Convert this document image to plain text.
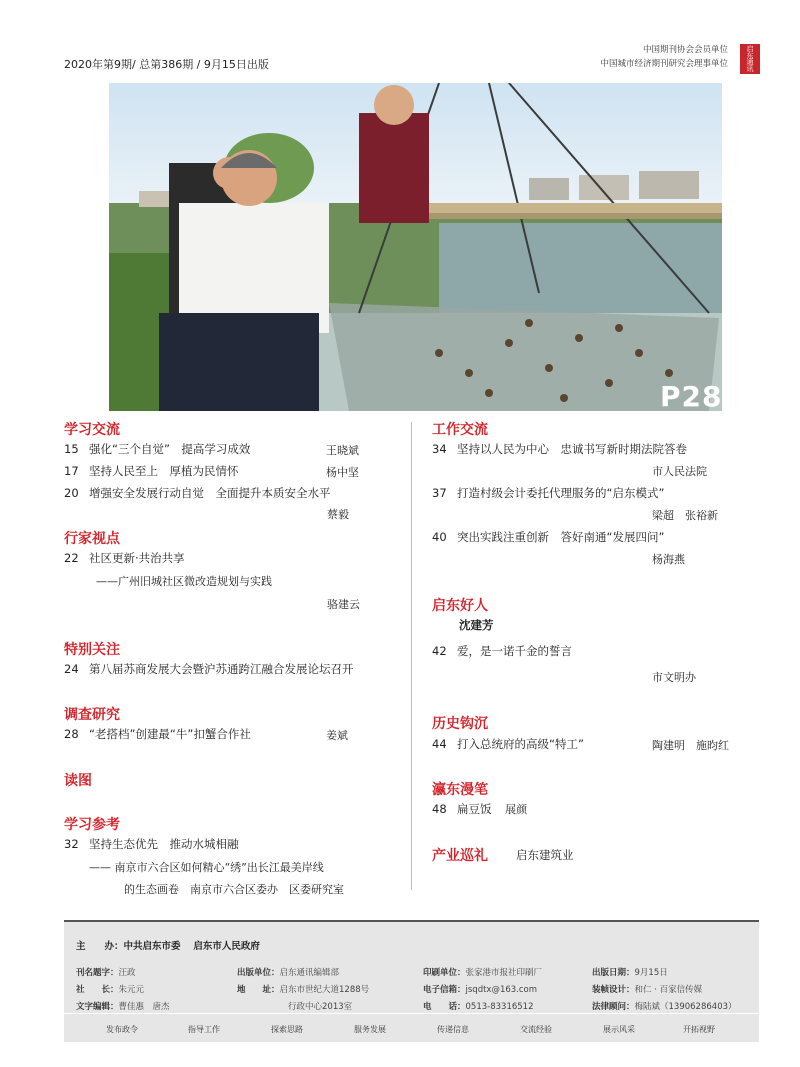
2020年第9期/ 总第386期 / 9月15日出版
中国期刊协会会员单位
中国城市经济期刊研究会理事单位
启东通讯
P28
学习交流
15 强化“三个自觉”　提高学习成效	王晓斌
17 坚持人民至上　厚植为民情怀	杨中坚
20 增强安全发展行动自觉　全面提升本质安全水平
蔡毅
行家视点
22 社区更新·共治共享
——广州旧城社区微改造规划与实践
骆建云
特别关注
24 第八届苏商发展大会暨沪苏通跨江融合发展论坛召开
调查研究
28 “老搭档”创建最“牛”扣蟹合作社	姜斌
读图
学习参考
32 坚持生态优先　推动水城相融
—— 南京市六合区如何精心“绣”出长江最美岸线
的生态画卷　南京市六合区委办　区委研究室
工作交流
34 坚持以人民为中心　忠诚书写新时期法院答卷
市人民法院
37 打造村级会计委托代理服务的“启东模式”
梁超　张裕新
40 突出实践注重创新　答好南通“发展四问”
杨海燕
启东好人
沈建芳
42 爱，是一诺千金的誓言
市文明办
历史钩沉
44 打入总统府的高级“特工”	陶建明　施昀红
瀛东漫笔
48 扁豆饭 展颜
产业巡礼 启东建筑业
主　　办：中共启东市委　 启东市人民政府
刊名题字：汪政
社　　长：朱元元
文字编辑：曹佳惠　唐杰
出版单位：启东通讯编辑部
地　　址：启东市世纪大道1288号
行政中心2013室
印刷单位：张家港市报社印刷厂
电子信箱：jsqdtx@163.com
电　　话：0513-83316512
出版日期：9月15日
装帧设计：和仁 · 百家信传媒
法律顾问：梅陆斌（13906286403）
发布政令	指导工作	探索思路	服务发展	传递信息	交流经验	展示风采	开拓视野
